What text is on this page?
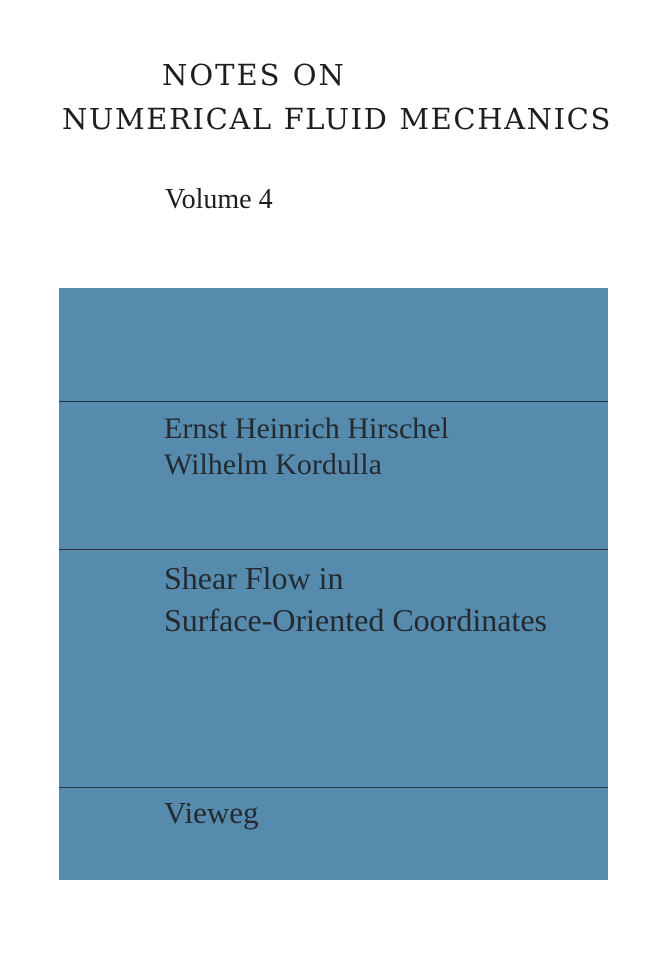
NOTES ON
NUMERICAL FLUID MECHANICS
Volume 4
Ernst Heinrich Hirschel
Wilhelm Kordulla
Shear Flow in
Surface-Oriented Coordinates
Vieweg
